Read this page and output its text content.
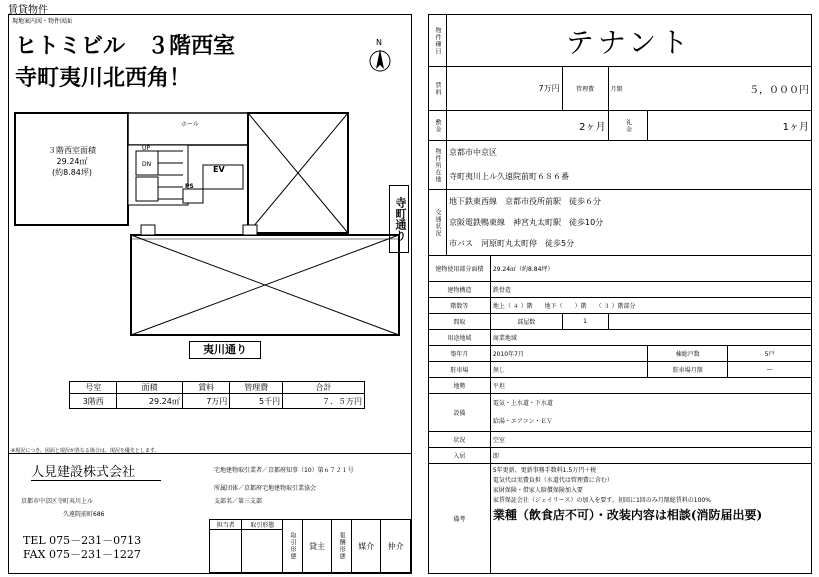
賃貸物件
現地案内図・物件図面
ヒトミビル　３階西室
寺町夷川北西角！
N
ホール
３階西室面積
29.24㎡
(約8.84坪)
UP
DN
EV
PS
寺町通り
夷川通り
号室	面積	賃料	管理費	合計
3階西	29.24㎡	7万円	5千円	７．５万円
※現況につき、図面と現況が異なる場合は、現況を優先とします。
人見建設株式会社	宅地建物取引業者／京都府知事（10）第６７２１号
所属団体／京都府宅地建物取引業協会
支部名／第三支部
京都市中京区寺町夷川上ル
久遠院前町686
TEL 075－231－0713
FAX 075－231－1227
担当者	取引形態	取引形態	貸主	報酬形態	媒介	仲介

物件種目	テナント					
賃料	7万円		管理費	月額	５，０００円	
敷金	2ヶ月			礼金	1ヶ月	
物件所在地	京都市中京区
寺町夷川上ル久遠院前町６８６番					

交通状況	地下鉄東西線　京都市役所前駅　徒歩６分
京阪電鉄鴨東線　神宮丸太町駅　徒歩10分
市バス　河原町丸太町停　徒歩5分					

建物使用部分面積		29.24㎡（約8.84坪）				
建物構造		鉄骨造				
階数等		地上（ ４ ）階　　地下（　　）階　　（ ３ ）階部分				
間取		部屋数	1			
用途地域		商業地域				
築年月		2010年7月			棟総戸数	5戸
駐車場		無し			駐車場月額	—
地勢		平坦				
設備		電気・上水道・下水道
給湯・エアコン・ＥＶ				

状況		空室				
入居		即				
備考		5年更新、更新事務手数料1.5万円＋税
電気代は実費負担（水道代は管理費に含む）
家財保険・借家人賠償保険加入要
家賃保証会社（ジェイリース）の加入を要す。初回に1回のみ月額総賃料の100%
業種（飲食店不可）・改装内容は相談(消防届出要)				
